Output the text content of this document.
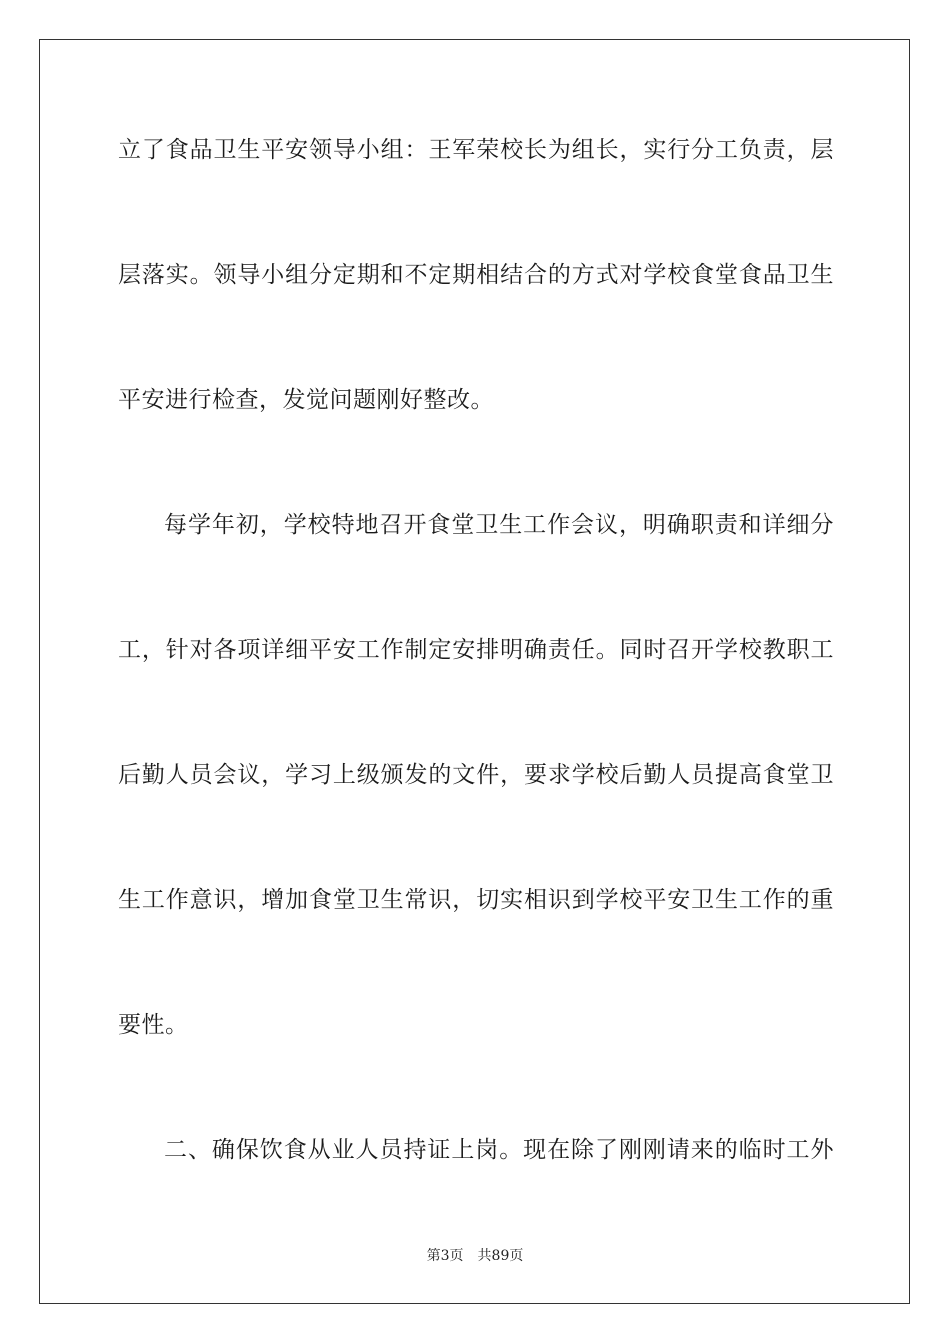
立了食品卫生平安领导小组：王军荣校长为组长，实行分工负责，层
层落实。领导小组分定期和不定期相结合的方式对学校食堂食品卫生
平安进行检查，发觉问题刚好整改。
每学年初，学校特地召开食堂卫生工作会议，明确职责和详细分
工，针对各项详细平安工作制定安排明确责任。同时召开学校教职工
后勤人员会议，学习上级颁发的文件，要求学校后勤人员提高食堂卫
生工作意识，增加食堂卫生常识，切实相识到学校平安卫生工作的重
要性。
二、确保饮食从业人员持证上岗。现在除了刚刚请来的临时工外
第3页 共89页
